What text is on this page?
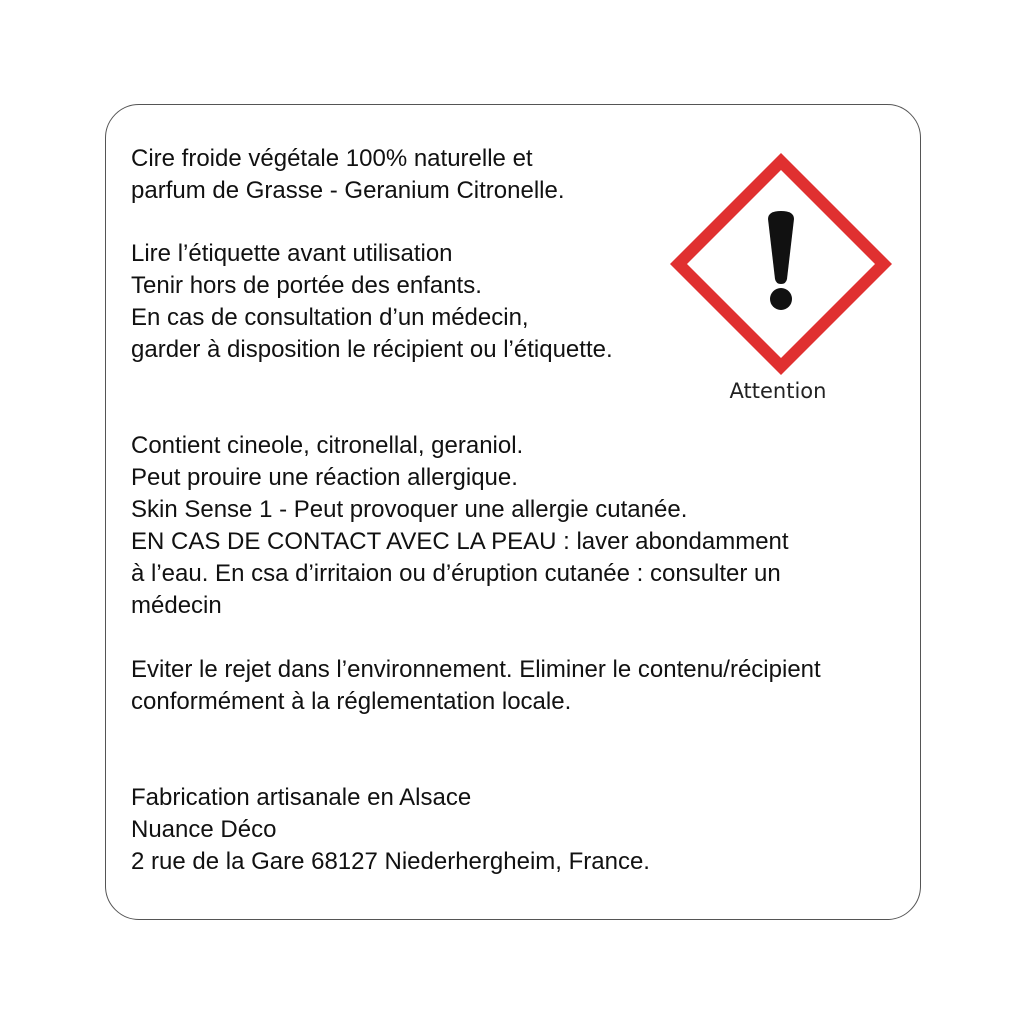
Cire froide végétale 100% naturelle et
parfum de Grasse - Geranium Citronelle.

Lire l’étiquette avant utilisation
Tenir hors de portée des enfants.
En cas de consultation d’un médecin,
garder à disposition le récipient ou l’étiquette.

Attention

Contient cineole, citronellal, geraniol.
Peut prouire une réaction allergique.
Skin Sense 1 - Peut provoquer une allergie cutanée.
EN CAS DE CONTACT AVEC LA PEAU : laver abondamment
à l’eau. En csa d’irritaion ou d’éruption cutanée : consulter un
médecin

Eviter le rejet dans l’environnement. Eliminer le contenu/récipient
conformément à la réglementation locale.

Fabrication artisanale en Alsace
Nuance Déco
2 rue de la Gare 68127 Niederhergheim, France.
